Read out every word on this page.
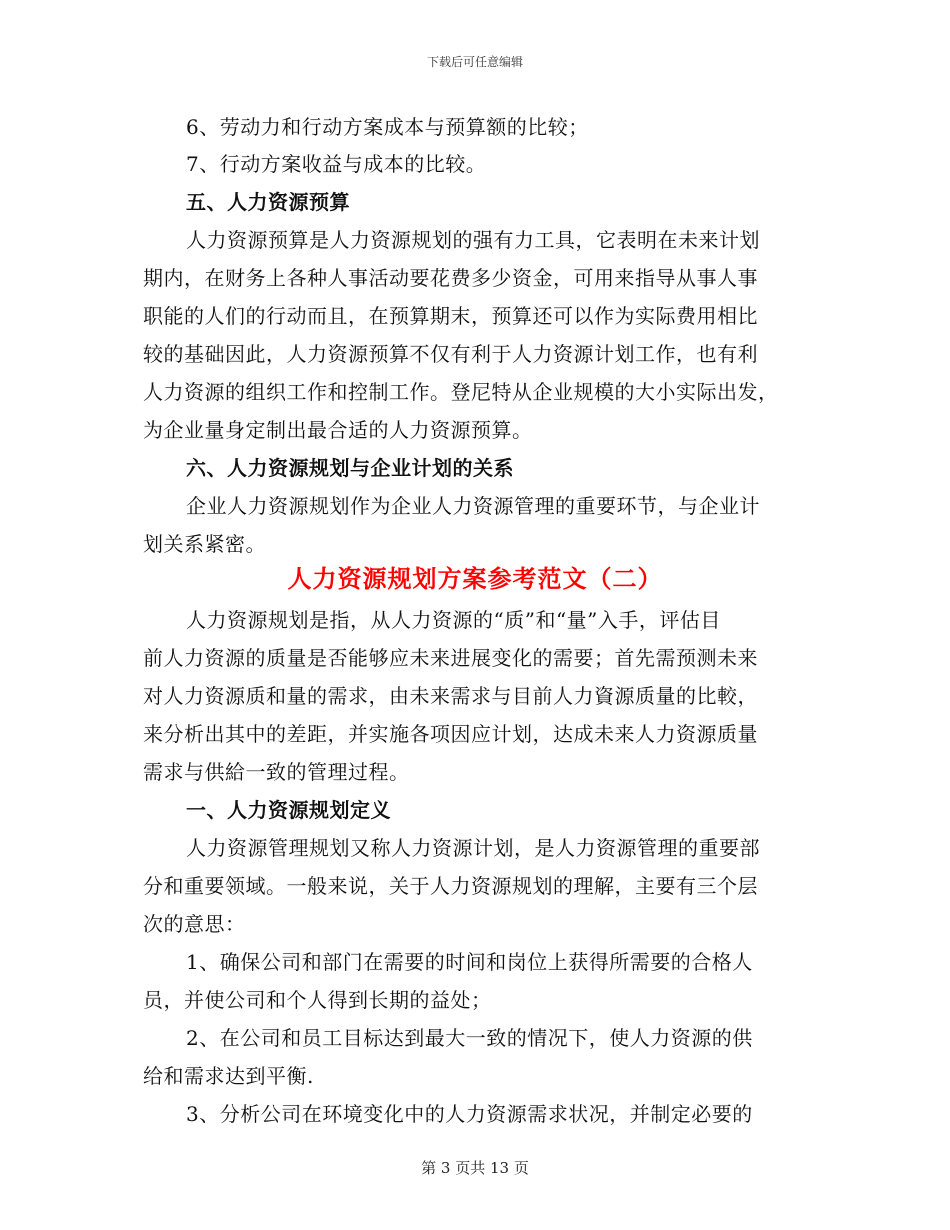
下载后可任意编辑
6、劳动力和行动方案成本与预算额的比较；
7、行动方案收益与成本的比较。
五、人力资源预算
人力资源预算是人力资源规划的强有力工具，它表明在未来计划
期内，在财务上各种人事活动要花费多少资金，可用来指导从事人事
职能的人们的行动而且，在预算期末，预算还可以作为实际费用相比
较的基础因此，人力资源预算不仅有利于人力资源计划工作，也有利
人力资源的组织工作和控制工作。登尼特从企业规模的大小实际出发，
为企业量身定制出最合适的人力资源预算。
六、人力资源规划与企业计划的关系
企业人力资源规划作为企业人力资源管理的重要环节，与企业计
划关系紧密。
人力资源规划方案参考范文（二）
人力资源规划是指，从人力资源的“质”和“量”入手，评估目
前人力资源的质量是否能够应未来进展变化的需要；首先需预测未来
对人力资源质和量的需求，由未来需求与目前人力資源质量的比較，
来分析出其中的差距，并实施各项因应计划，达成未来人力资源质量
需求与供給一致的管理过程。
一、人力资源规划定义
人力资源管理规划又称人力资源计划，是人力资源管理的重要部
分和重要领域。一般来说，关于人力资源规划的理解，主要有三个层
次的意思：
1、确保公司和部门在需要的时间和岗位上获得所需要的合格人
员，并使公司和个人得到长期的益处；
2、在公司和员工目标达到最大一致的情况下，使人力资源的供
给和需求达到平衡.
3、分析公司在环境变化中的人力资源需求状况，并制定必要的
第 3 页共 13 页
